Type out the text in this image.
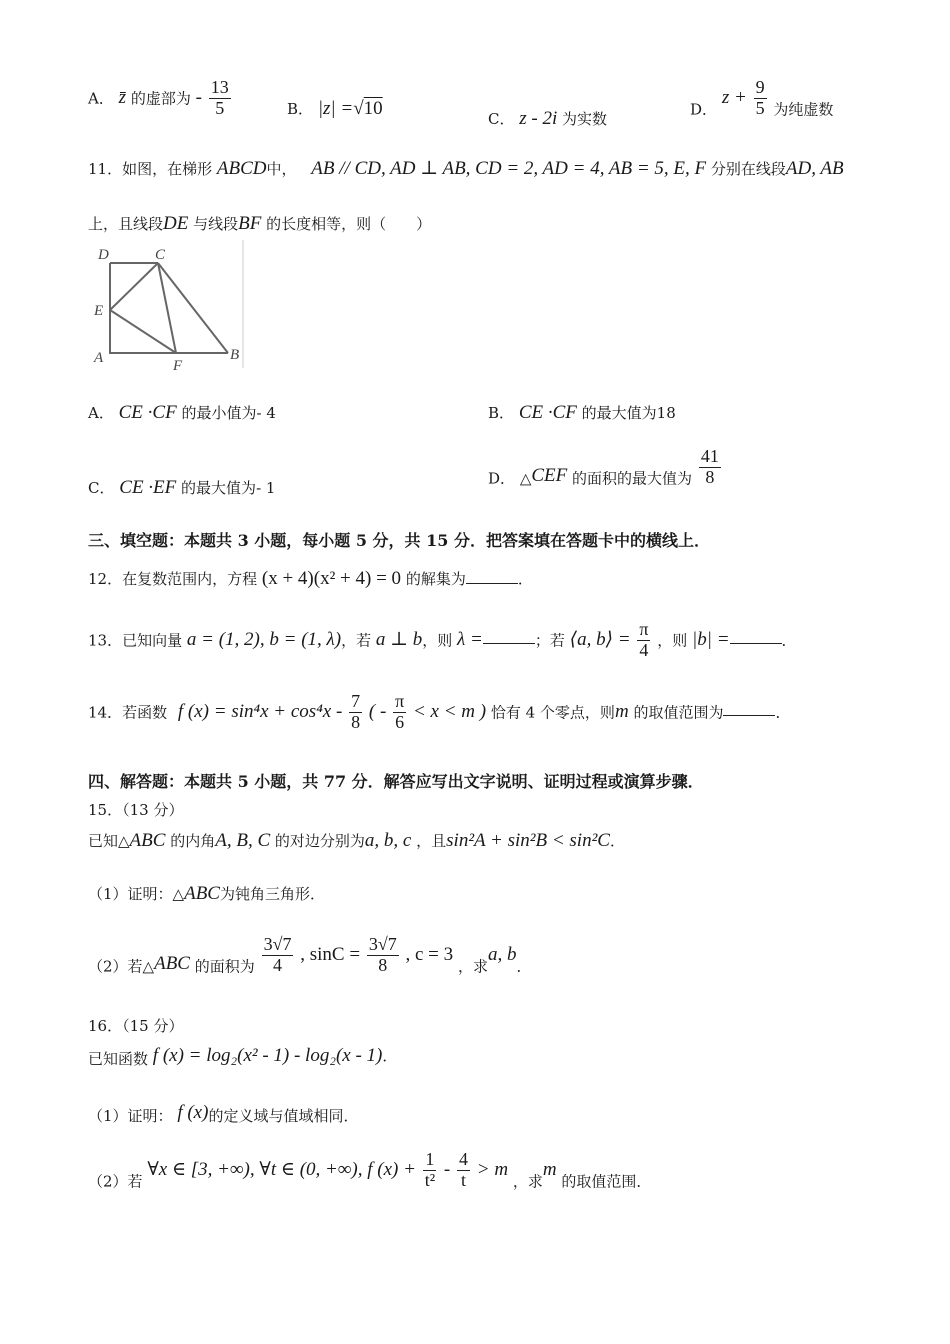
A． z̄ 的虚部为 - $\frac{13}{5}$	B． |z| =√10	C． z - 2i 为实数
D． $z + \frac{9}{5}$ 为纯虚数
11．如图，在梯形 ABCD中， AB // CD, AD ⊥ AB, CD = 2, AD = 4, AB = 5, E, F 分别在线段AD, AB
上，且线段DE 与线段BF 的长度相等，则（　　）
D	C
E
A	F
B
A． CE ·CF 的最小值为- 4	B． CE ·CF 的最大值为18
C． CE ·EF 的最大值为- 1
D． △CEF 的面积的最大值为 $\frac{41}{8}$
三、填空题：本题共 3 小题，每小题 5 分，共 15 分．把答案填在答题卡中的横线上．
12．在复数范围内，方程 (x + 4)(x² + 4) = 0 的解集为	．
13．已知向量 a = (1, 2), b = (1, λ)，若 a ⊥ b，则 λ =	；若 ⟨a, b⟩ = $\frac{\pi}{4}$ ，则 |b| =	．
14．若函数 f $(x) = \sin^4x + \cos^4x - \frac{7}{8}$ ( - $\frac{\pi}{6} < x < m$ ) 恰有 4 个零点，则m 的取值范围为	．
四、解答题：本题共 5 小题，共 77 分．解答应写出文字说明、证明过程或演算步骤．
15．（13 分）
已知△ABC 的内角A, B, C 的对边分别为a, b, c ，且sin²A + sin²B < sin²C．
（1）证明：△ABC为钝角三角形．
（2）若△ABC 的面积为 $\frac{3√7}{4}$ , $\sin C = \frac{3√7}{8}$ , c = 3 ，求a, b．
16．（15 分）
已知函数 f (x) = log₂(x² - 1) - log₂(x - 1)．
（1）证明： f (x)的定义域与值域相同．
（2）若 ∀x ∈ [3, +∞), ∀t ∈ (0, +∞), f $(x) + \frac{1}{\text{t²}} - \frac{4}{t} > m$ ，求m 的取值范围．
